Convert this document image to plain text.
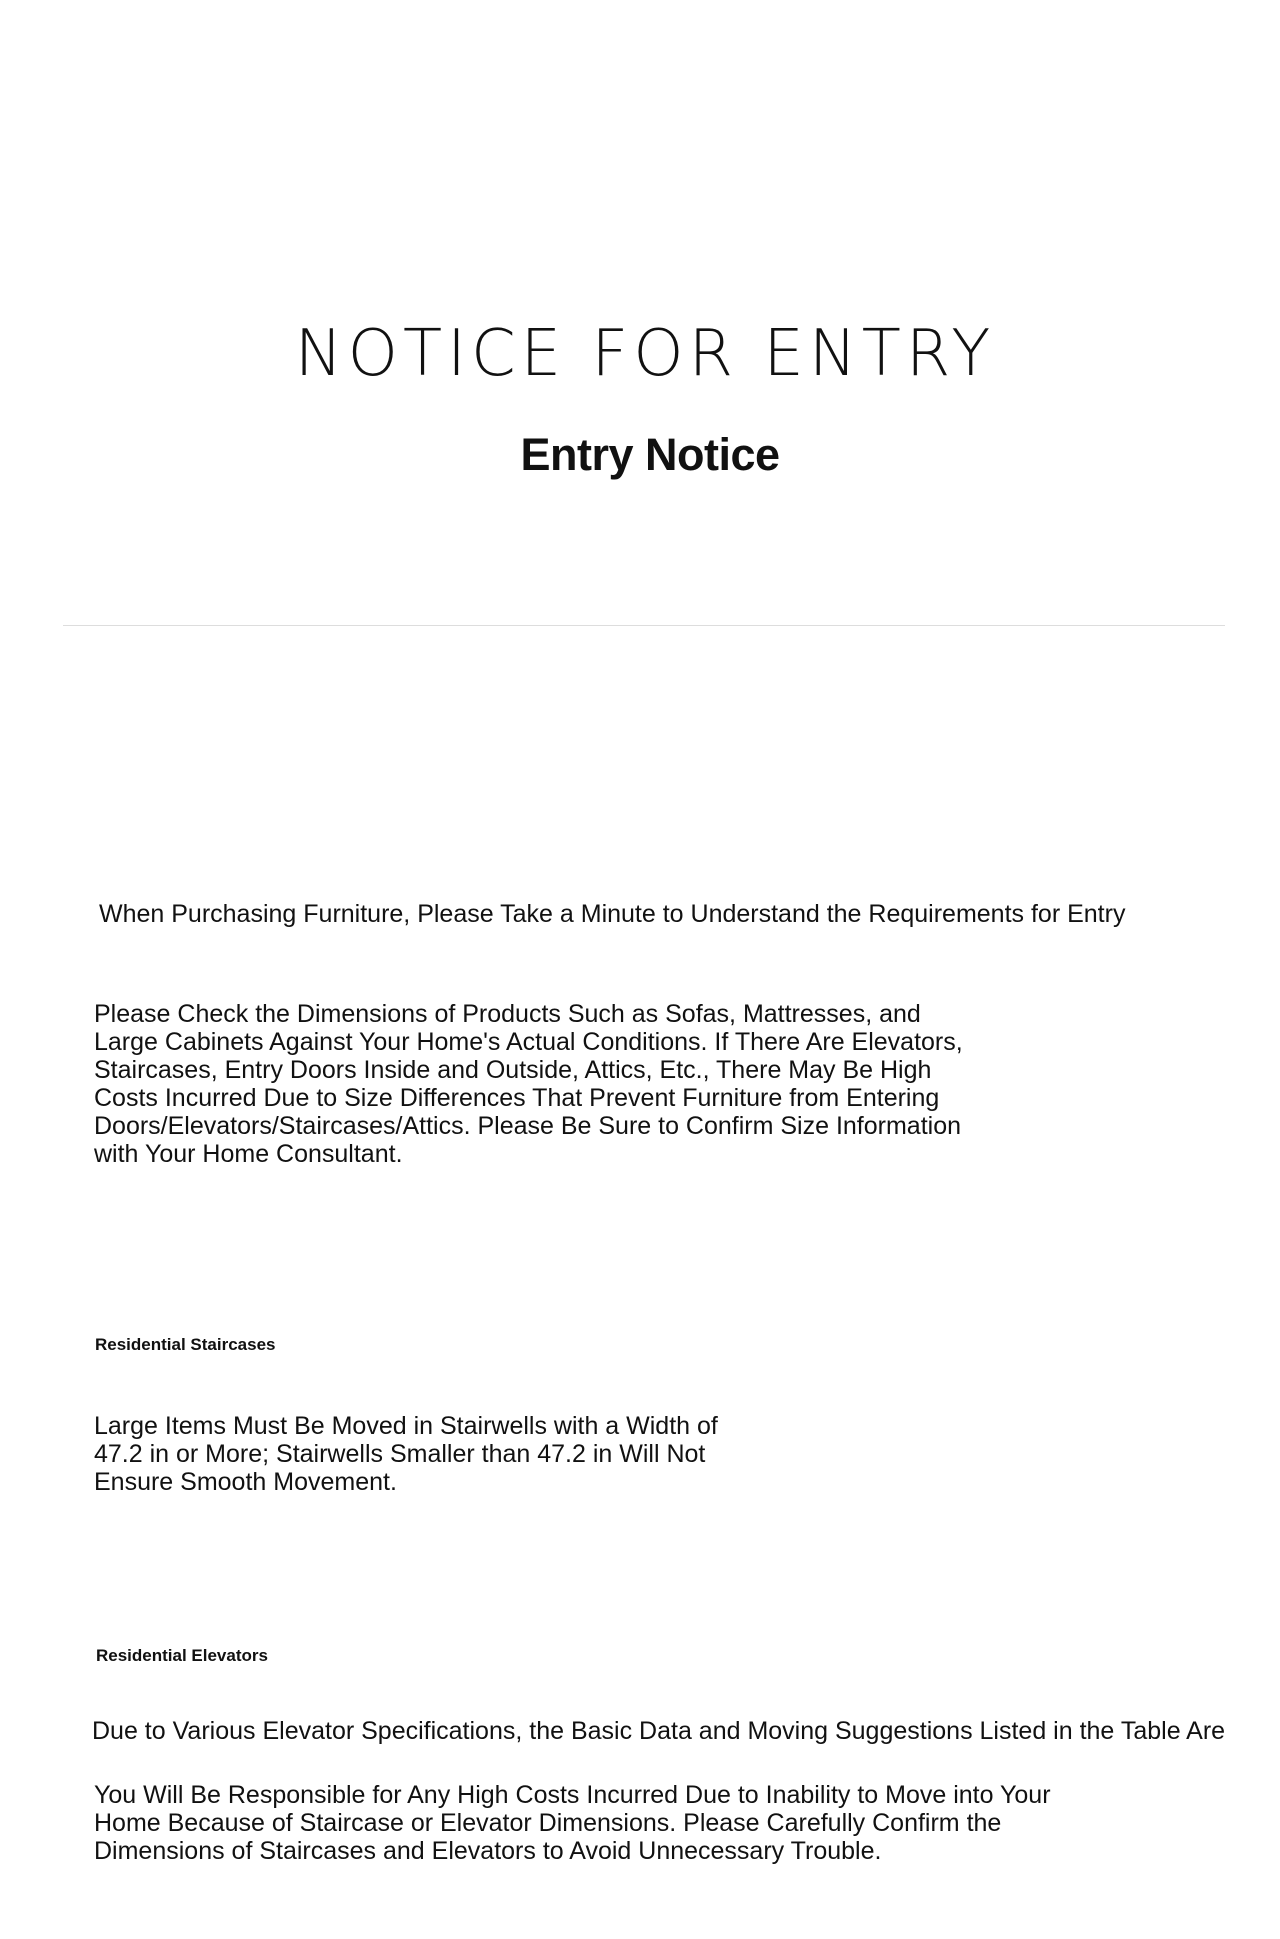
NOTICE FOR ENTRY
Entry Notice

When Purchasing Furniture, Please Take a Minute to Understand the Requirements for Entry

Please Check the Dimensions of Products Such as Sofas, Mattresses, and Large Cabinets Against Your Home's Actual Conditions. If There Are Elevators, Staircases, Entry Doors Inside and Outside, Attics, Etc., There May Be High Costs Incurred Due to Size Differences That Prevent Furniture from Entering Doors/Elevators/Staircases/Attics. Please Be Sure to Confirm Size Information with Your Home Consultant.

Residential Staircases

Large Items Must Be Moved in Stairwells with a Width of 47.2 in or More; Stairwells Smaller than 47.2 in Will Not Ensure Smooth Movement.

Residential Elevators

Due to Various Elevator Specifications, the Basic Data and Moving Suggestions Listed in the Table Are

You Will Be Responsible for Any High Costs Incurred Due to Inability to Move into Your Home Because of Staircase or Elevator Dimensions. Please Carefully Confirm the Dimensions of Staircases and Elevators to Avoid Unnecessary Trouble.
